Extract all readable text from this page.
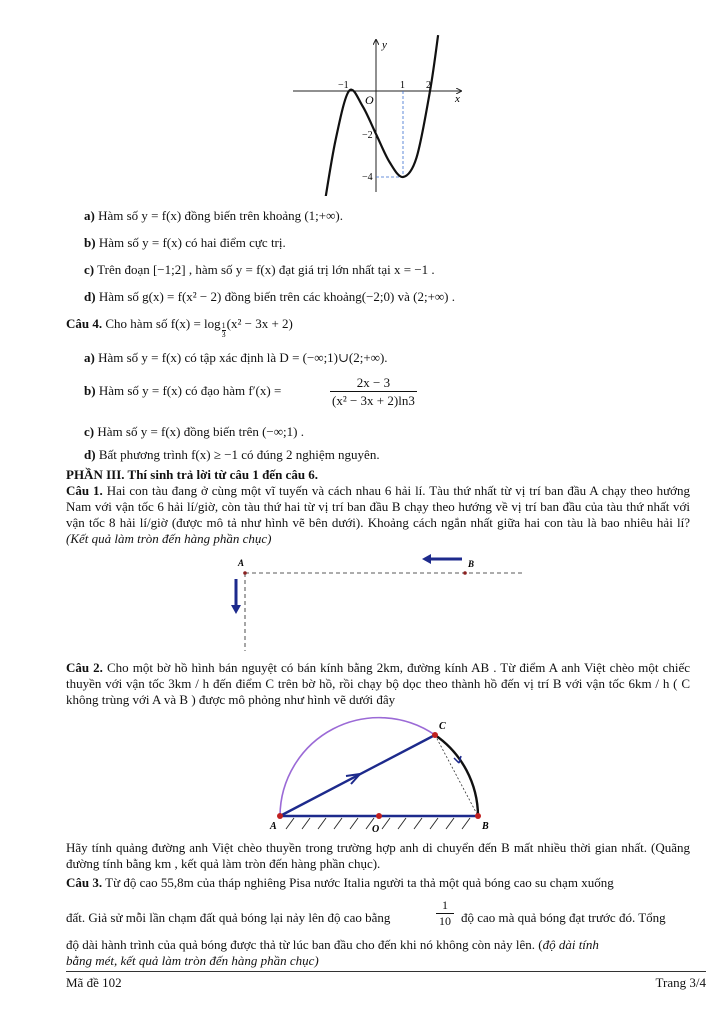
y
x
O
−1	1 2
−2
−4
a) Hàm số y = f(x) đồng biến trên khoảng (1;+∞).
b) Hàm số y = f(x) có hai điểm cực trị.
c) Trên đoạn [−1;2] , hàm số y = f(x) đạt giá trị lớn nhất tại x = −1 .
d) Hàm số g(x) = f(x² − 2) đồng biến trên các khoảng(−2;0) và (2;+∞) .
Câu 4. Cho hàm số $f(x) = \log \frac{1}{3} (x^2 - 3x + 2)$
a) Hàm số y = f(x) có tập xác định là D = (−∞;1)∪(2;+∞).
b) Hàm số y = f(x) có đạo hàm f′(x) =
2x − 3
(x² − 3x + 2)ln3
c) Hàm số y = f(x) đồng biến trên (−∞;1) .
d) Bất phương trình f(x) ≥ −1 có đúng 2 nghiệm nguyên.
PHẦN III. Thí sinh trả lời từ câu 1 đến câu 6.
Câu 1. Hai con tàu đang ở cùng một vĩ tuyến và cách nhau 6 hải lí. Tàu thứ nhất từ vị trí ban đầu A chạy theo hướng Nam với vận tốc 6 hải lí/giờ, còn tàu thứ hai từ vị trí ban đầu B chạy theo hướng về vị trí ban đầu của tàu thứ nhất với vận tốc 8 hải lí/giờ (được mô tả như hình vẽ bên dưới). Khoảng cách ngắn nhất giữa hai con tàu là bao nhiêu hải lí? (Kết quả làm tròn đến hàng phần chục)
A	B
Câu 2. Cho một bờ hồ hình bán nguyệt có bán kính bằng 2km, đường kính AB . Từ điểm A anh Việt chèo một chiếc thuyền với vận tốc 3km / h đến điểm C trên bờ hồ, rồi chạy bộ dọc theo thành hồ đến vị trí B với vận tốc 6km / h ( C không trùng với A và B ) được mô phỏng như hình vẽ dưới đây
A	O	B
C
Hãy tính quảng đường anh Việt chèo thuyền trong trường hợp anh di chuyển đến B mất nhiều thời gian nhất. (Quãng đường tính bằng km , kết quả làm tròn đến hàng phần chục).
Câu 3. Từ độ cao 55,8m của tháp nghiêng Pisa nước Italia người ta thả một quả bóng cao su chạm xuống
đất. Giả sử mỗi lần chạm đất quả bóng lại nảy lên độ cao bằng
1
10 độ cao mà quả bóng đạt trước đó. Tổng
độ dài hành trình của quả bóng được thả từ lúc ban đầu cho đến khi nó không còn nảy lên. (độ dài tính
bằng mét, kết quả làm tròn đến hàng phần chục)
Mã đề 102	Trang 3/4
